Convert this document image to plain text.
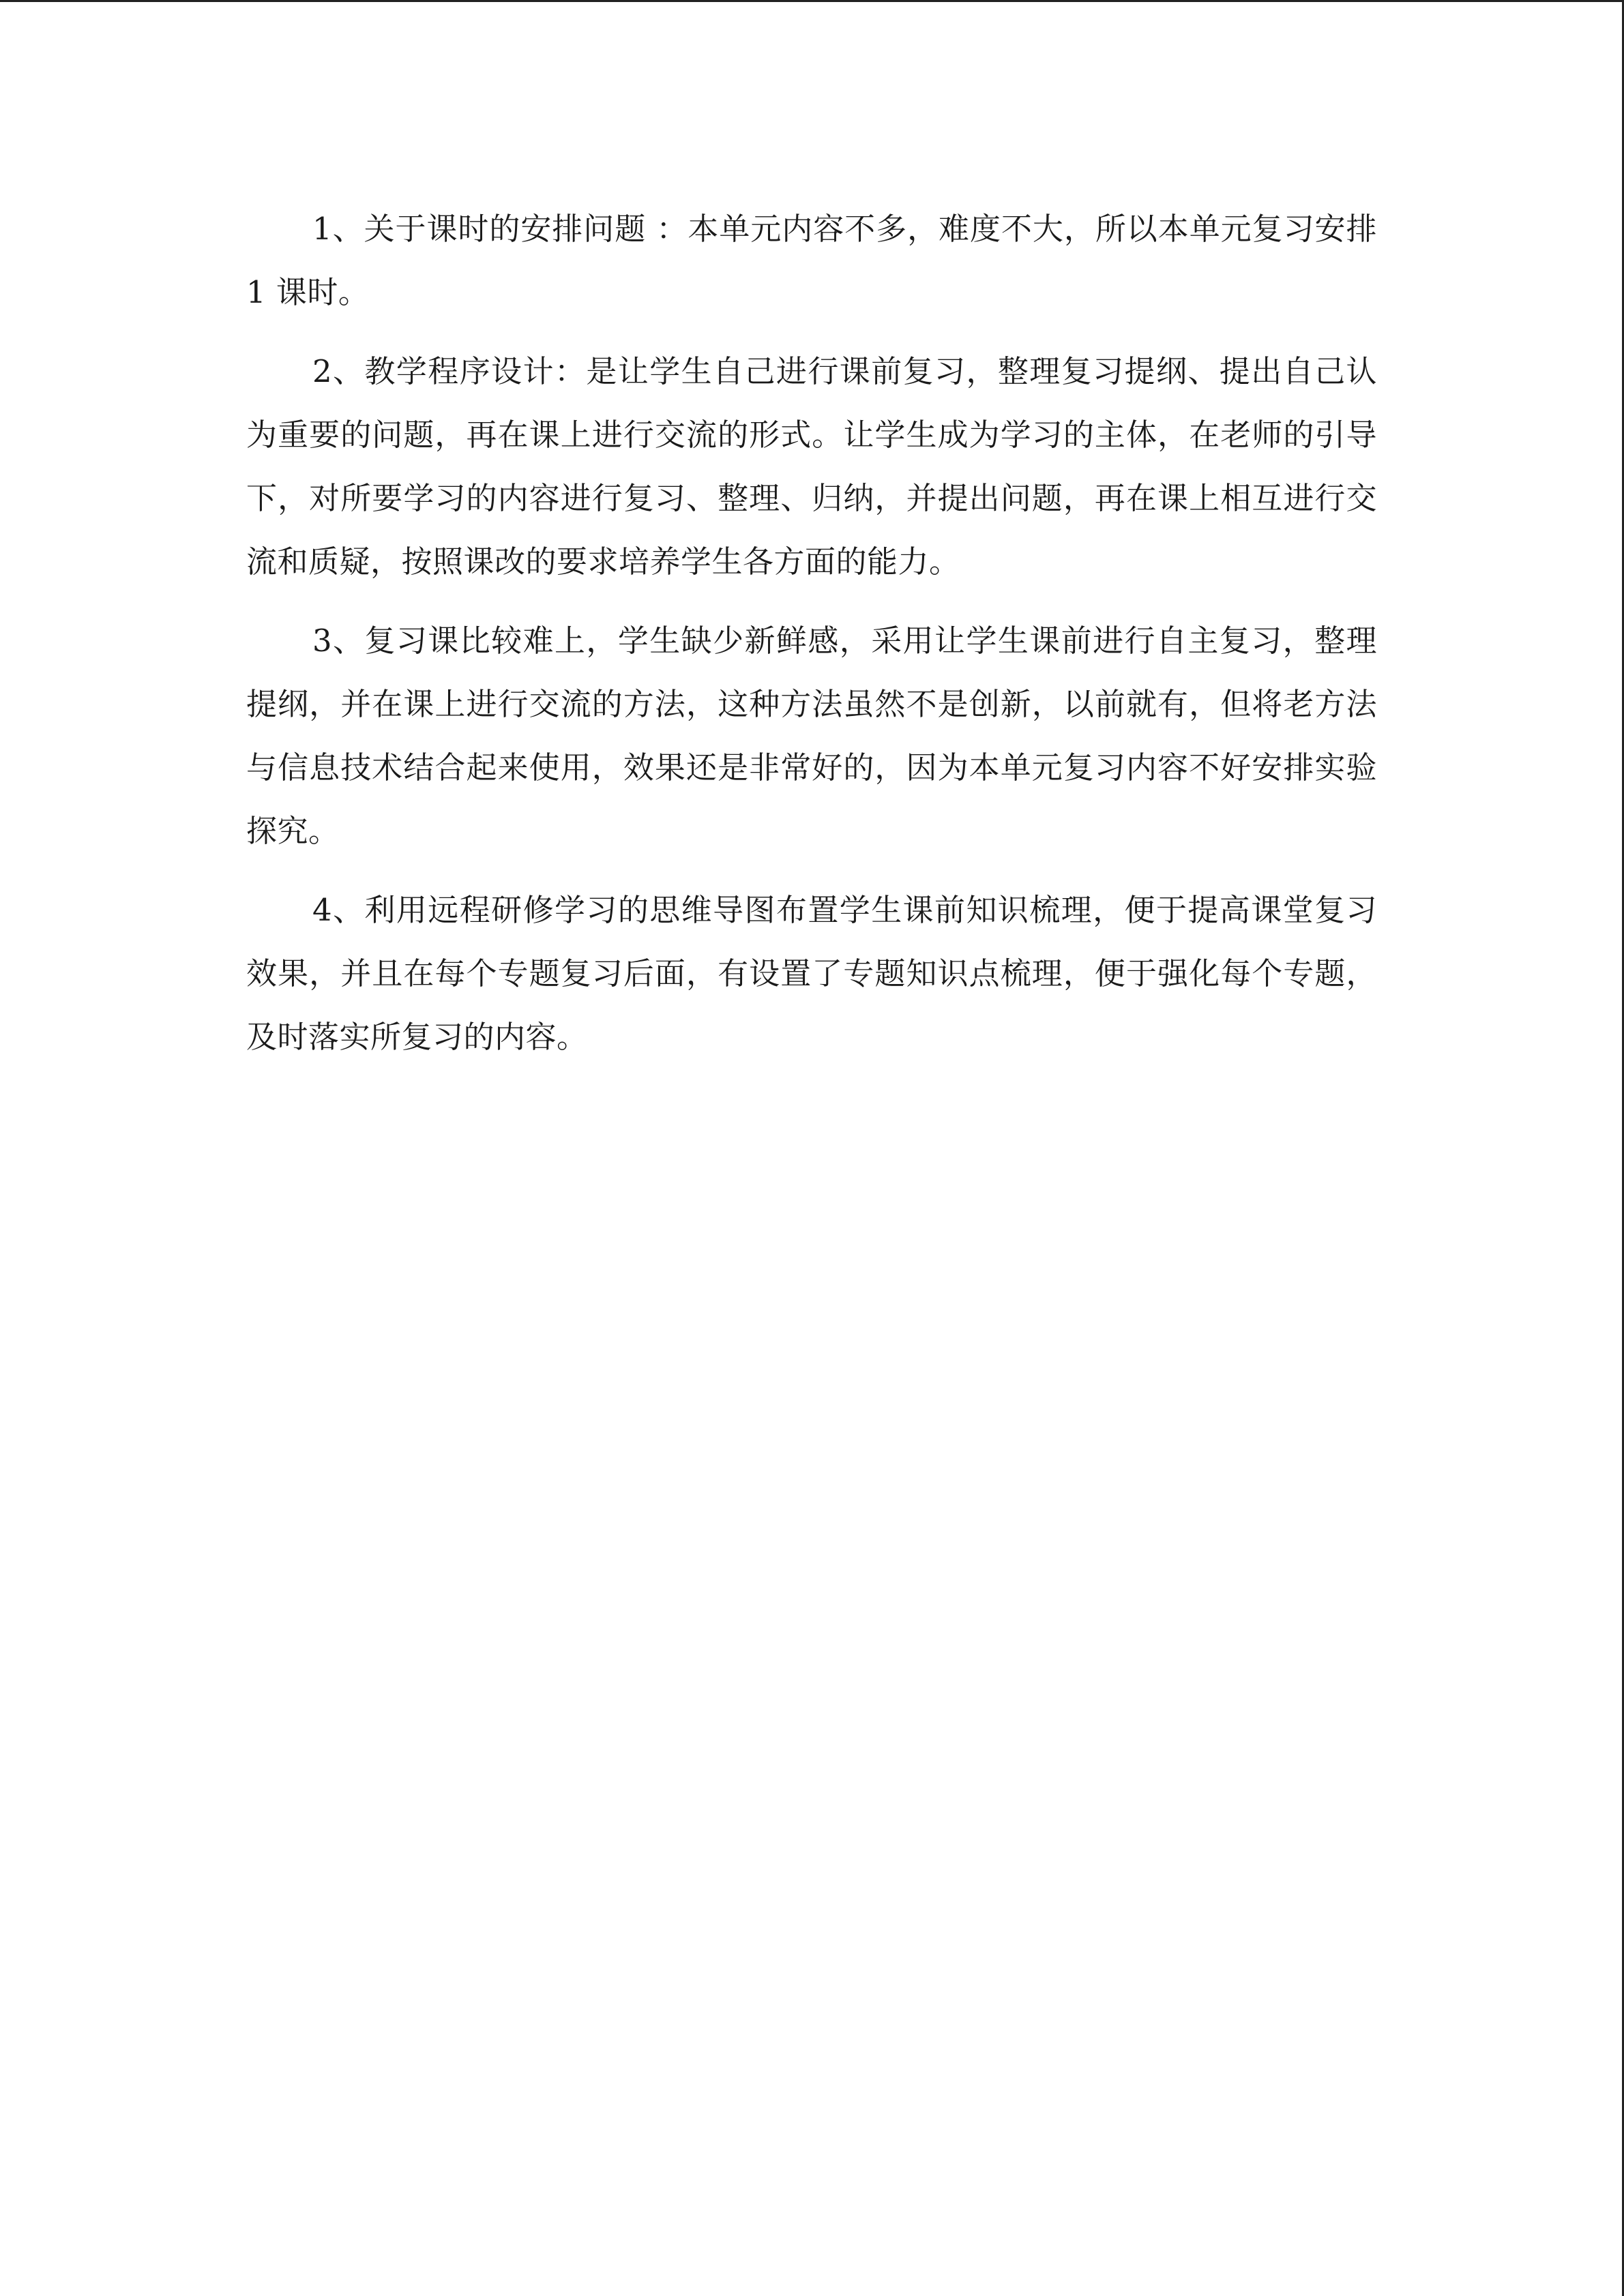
1、关于课时的安排问题 ：本单元内容不多，难度不大，所以本单元复习安排 1 课时。

2、教学程序设计：是让学生自己进行课前复习，整理复习提纲、提出自己认为重要的问题，再在课上进行交流的形式。让学生成为学习的主体，在老师的引导下，对所要学习的内容进行复习、整理、归纳，并提出问题，再在课上相互进行交流和质疑，按照课改的要求培养学生各方面的能力。

3、复习课比较难上，学生缺少新鲜感，采用让学生课前进行自主复习，整理提纲，并在课上进行交流的方法，这种方法虽然不是创新，以前就有，但将老方法与信息技术结合起来使用，效果还是非常好的，因为本单元复习内容不好安排实验探究。

4、利用远程研修学习的思维导图布置学生课前知识梳理，便于提高课堂复习效果，并且在每个专题复习后面，有设置了专题知识点梳理，便于强化每个专题，及时落实所复习的内容。
